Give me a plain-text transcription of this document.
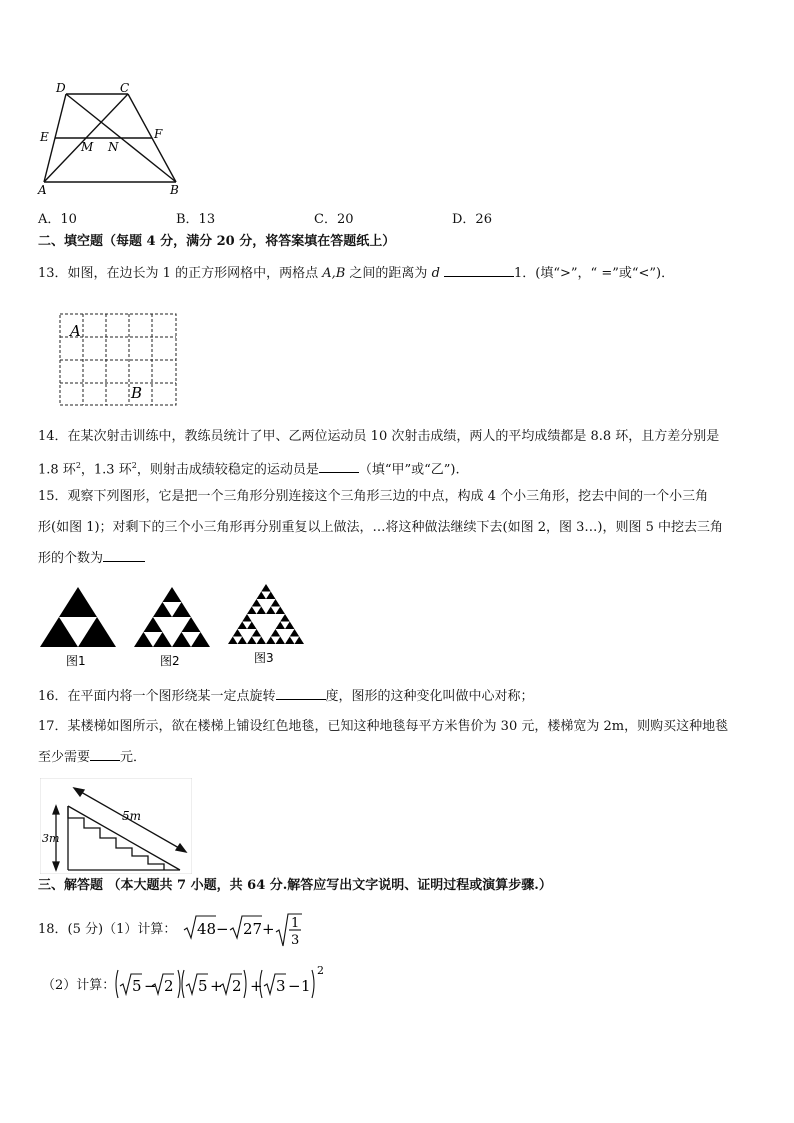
D	C
E	F
M N
A	B
A．10	B．13	C．20	D．26
二、填空题（每题 4 分，满分 20 分，将答案填在答题纸上）
13．如图，在边长为 1 的正方形网格中，两格点 A,B 之间的距离为 d	1．(填“>”，“ =”或“<”)．
A
B
14．在某次射击训练中，教练员统计了甲、乙两位运动员 10 次射击成绩，两人的平均成绩都是 8.8 环，且方差分别是
1.8 环$^2$，1.3 环$^2$，则射击成绩较稳定的运动员是	（填“甲”或“乙”).
15．观察下列图形，它是把一个三角形分别连接这个三角形三边的中点，构成 4 个小三角形，挖去中间的一个小三角
形(如图 1)；对剩下的三个小三角形再分别重复以上做法，…将这种做法继续下去(如图 2，图 3…)，则图 5 中挖去三角
形的个数为
图1	图2	图3
16．在平面内将一个图形绕某一定点旋转	度，图形的这种变化叫做中心对称；
17．某楼梯如图所示，欲在楼梯上铺设红色地毯，已知这种地毯每平方米售价为 30 元，楼梯宽为 2m，则购买这种地毯
至少需要 元．
5m
3m
三、解答题 （本大题共 7 小题，共 64 分.解答应写出文字说明、证明过程或演算步骤.）
18．(5 分)（1）计算： 48 − 27 + 1
3
（2）计算： 5 − 2 5 + 2 + 3 − 1
2
